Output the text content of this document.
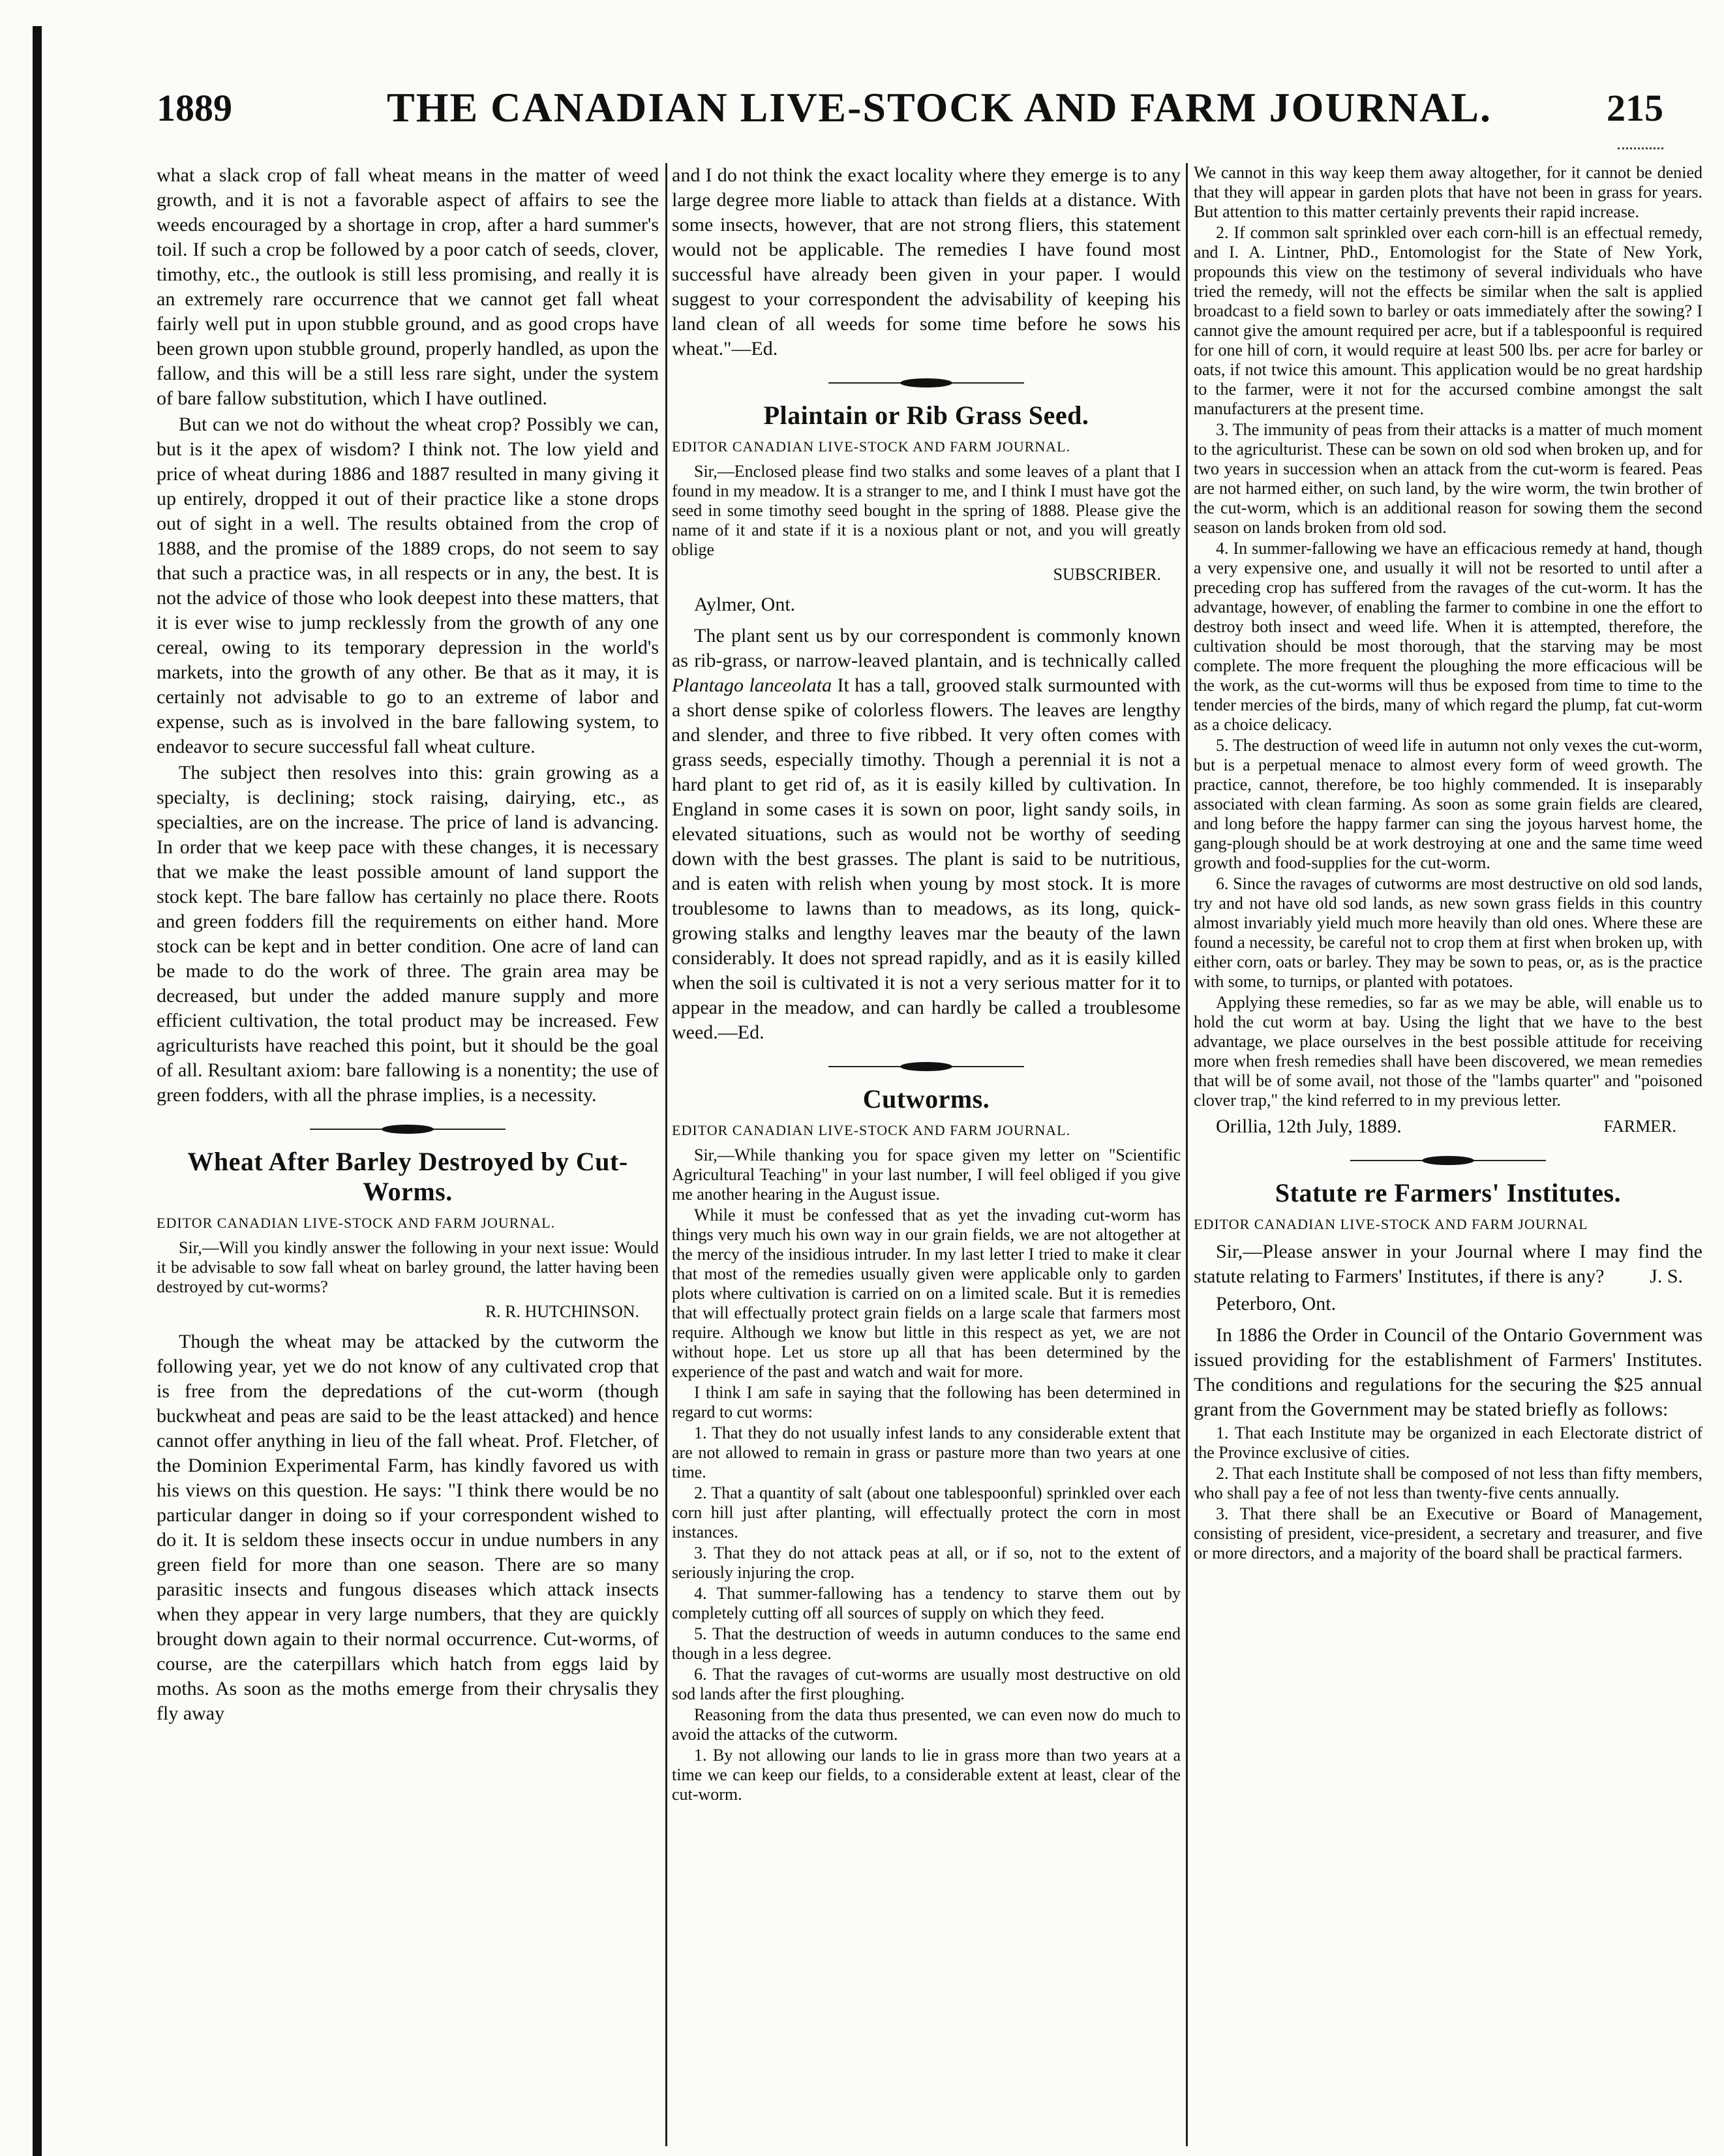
1889	THE CANADIAN LIVE-STOCK AND FARM JOURNAL.	215

what a slack crop of fall wheat means in the matter of weed growth, and it is not a favorable aspect of affairs to see the weeds encouraged by a shortage in crop, after a hard summer's toil. If such a crop be followed by a poor catch of seeds, clover, timothy, etc., the outlook is still less promising, and really it is an extremely rare occurrence that we cannot get fall wheat fairly well put in upon stubble ground, and as good crops have been grown upon stubble ground, properly handled, as upon the fallow, and this will be a still less rare sight, under the system of bare fallow substitution, which I have outlined.

But can we not do without the wheat crop? Possibly we can, but is it the apex of wisdom? I think not. The low yield and price of wheat during 1886 and 1887 resulted in many giving it up entirely, dropped it out of their practice like a stone drops out of sight in a well. The results obtained from the crop of 1888, and the promise of the 1889 crops, do not seem to say that such a practice was, in all respects or in any, the best. It is not the advice of those who look deepest into these matters, that it is ever wise to jump recklessly from the growth of any one cereal, owing to its temporary depression in the world's markets, into the growth of any other. Be that as it may, it is certainly not advisable to go to an extreme of labor and expense, such as is involved in the bare fallowing system, to endeavor to secure successful fall wheat culture.

The subject then resolves into this: grain growing as a specialty, is declining; stock raising, dairying, etc., as specialties, are on the increase. The price of land is advancing. In order that we keep pace with these changes, it is necessary that we make the least possible amount of land support the stock kept. The bare fallow has certainly no place there. Roots and green fodders fill the requirements on either hand. More stock can be kept and in better condition. One acre of land can be made to do the work of three. The grain area may be decreased, but under the added manure supply and more efficient cultivation, the total product may be increased. Few agriculturists have reached this point, but it should be the goal of all. Resultant axiom: bare fallowing is a nonentity; the use of green fodders, with all the phrase implies, is a necessity.

Wheat After Barley Destroyed by Cut-Worms.

EDITOR CANADIAN LIVE-STOCK AND FARM JOURNAL.

Sir,—Will you kindly answer the following in your next issue: Would it be advisable to sow fall wheat on barley ground, the latter having been destroyed by cut-worms?

R. R. HUTCHINSON.

Though the wheat may be attacked by the cutworm the following year, yet we do not know of any cultivated crop that is free from the depredations of the cut-worm (though buckwheat and peas are said to be the least attacked) and hence cannot offer anything in lieu of the fall wheat. Prof. Fletcher, of the Dominion Experimental Farm, has kindly favored us with his views on this question. He says: "I think there would be no particular danger in doing so if your correspondent wished to do it. It is seldom these insects occur in undue numbers in any green field for more than one season. There are so many parasitic insects and fungous diseases which attack insects when they appear in very large numbers, that they are quickly brought down again to their normal occurrence. Cut-worms, of course, are the caterpillars which hatch from eggs laid by moths. As soon as the moths emerge from their chrysalis they fly away

and I do not think the exact locality where they emerge is to any large degree more liable to attack than fields at a distance. With some insects, however, that are not strong fliers, this statement would not be applicable. The remedies I have found most successful have already been given in your paper. I would suggest to your correspondent the advisability of keeping his land clean of all weeds for some time before he sows his wheat."—Ed.

Plaintain or Rib Grass Seed.

EDITOR CANADIAN LIVE-STOCK AND FARM JOURNAL.

Sir,—Enclosed please find two stalks and some leaves of a plant that I found in my meadow. It is a stranger to me, and I think I must have got the seed in some timothy seed bought in the spring of 1888. Please give the name of it and state if it is a noxious plant or not, and you will greatly oblige

SUBSCRIBER.
Aylmer, Ont.

The plant sent us by our correspondent is commonly known as rib-grass, or narrow-leaved plantain, and is technically called Plantago lanceolata It has a tall, grooved stalk surmounted with a short dense spike of colorless flowers. The leaves are lengthy and slender, and three to five ribbed. It very often comes with grass seeds, especially timothy. Though a perennial it is not a hard plant to get rid of, as it is easily killed by cultivation. In England in some cases it is sown on poor, light sandy soils, in elevated situations, such as would not be worthy of seeding down with the best grasses. The plant is said to be nutritious, and is eaten with relish when young by most stock. It is more troublesome to lawns than to meadows, as its long, quick-growing stalks and lengthy leaves mar the beauty of the lawn considerably. It does not spread rapidly, and as it is easily killed when the soil is cultivated it is not a very serious matter for it to appear in the meadow, and can hardly be called a troublesome weed.—Ed.

Cutworms.

EDITOR CANADIAN LIVE-STOCK AND FARM JOURNAL.

Sir,—While thanking you for space given my letter on "Scientific Agricultural Teaching" in your last number, I will feel obliged if you give me another hearing in the August issue.

While it must be confessed that as yet the invading cut-worm has things very much his own way in our grain fields, we are not altogether at the mercy of the insidious intruder. In my last letter I tried to make it clear that most of the remedies usually given were applicable only to garden plots where cultivation is carried on on a limited scale. But it is remedies that will effectually protect grain fields on a large scale that farmers most require. Although we know but little in this respect as yet, we are not without hope. Let us store up all that has been determined by the experience of the past and watch and wait for more.

I think I am safe in saying that the following has been determined in regard to cut worms:

1. That they do not usually infest lands to any considerable extent that are not allowed to remain in grass or pasture more than two years at one time.

2. That a quantity of salt (about one tablespoonful) sprinkled over each corn hill just after planting, will effectually protect the corn in most instances.

3. That they do not attack peas at all, or if so, not to the extent of seriously injuring the crop.

4. That summer-fallowing has a tendency to starve them out by completely cutting off all sources of supply on which they feed.

5. That the destruction of weeds in autumn conduces to the same end though in a less degree.

6. That the ravages of cut-worms are usually most destructive on old sod lands after the first ploughing.

Reasoning from the data thus presented, we can even now do much to avoid the attacks of the cutworm.

1. By not allowing our lands to lie in grass more than two years at a time we can keep our fields, to a considerable extent at least, clear of the cut-worm.

We cannot in this way keep them away altogether, for it cannot be denied that they will appear in garden plots that have not been in grass for years. But attention to this matter certainly prevents their rapid increase.

2. If common salt sprinkled over each corn-hill is an effectual remedy, and I. A. Lintner, PhD., Entomologist for the State of New York, propounds this view on the testimony of several individuals who have tried the remedy, will not the effects be similar when the salt is applied broadcast to a field sown to barley or oats immediately after the sowing? I cannot give the amount required per acre, but if a tablespoonful is required for one hill of corn, it would require at least 500 lbs. per acre for barley or oats, if not twice this amount. This application would be no great hardship to the farmer, were it not for the accursed combine amongst the salt manufacturers at the present time.

3. The immunity of peas from their attacks is a matter of much moment to the agriculturist. These can be sown on old sod when broken up, and for two years in succession when an attack from the cut-worm is feared. Peas are not harmed either, on such land, by the wire worm, the twin brother of the cut-worm, which is an additional reason for sowing them the second season on lands broken from old sod.

4. In summer-fallowing we have an efficacious remedy at hand, though a very expensive one, and usually it will not be resorted to until after a preceding crop has suffered from the ravages of the cut-worm. It has the advantage, however, of enabling the farmer to combine in one the effort to destroy both insect and weed life. When it is attempted, therefore, the cultivation should be most thorough, that the starving may be most complete. The more frequent the ploughing the more efficacious will be the work, as the cut-worms will thus be exposed from time to time to the tender mercies of the birds, many of which regard the plump, fat cut-worm as a choice delicacy.

5. The destruction of weed life in autumn not only vexes the cut-worm, but is a perpetual menace to almost every form of weed growth. The practice, cannot, therefore, be too highly commended. It is inseparably associated with clean farming. As soon as some grain fields are cleared, and long before the happy farmer can sing the joyous harvest home, the gang-plough should be at work destroying at one and the same time weed growth and food-supplies for the cut-worm.

6. Since the ravages of cutworms are most destructive on old sod lands, try and not have old sod lands, as new sown grass fields in this country almost invariably yield much more heavily than old ones. Where these are found a necessity, be careful not to crop them at first when broken up, with either corn, oats or barley. They may be sown to peas, or, as is the practice with some, to turnips, or planted with potatoes.

Applying these remedies, so far as we may be able, will enable us to hold the cut worm at bay. Using the light that we have to the best advantage, we place ourselves in the best possible attitude for receiving more when fresh remedies shall have been discovered, we mean remedies that will be of some avail, not those of the "lambs quarter" and "poisoned clover trap," the kind referred to in my previous letter.

Orillia, 12th July, 1889.	FARMER.
Statute re Farmers' Institutes.

EDITOR CANADIAN LIVE-STOCK AND FARM JOURNAL

Sir,—Please answer in your Journal where I may find the statute relating to Farmers' Institutes, if there is any?	J. S.

Peterboro, Ont.

In 1886 the Order in Council of the Ontario Government was issued providing for the establishment of Farmers' Institutes. The conditions and regulations for the securing the $25 annual grant from the Government may be stated briefly as follows:

1. That each Institute may be organized in each Electorate district of the Province exclusive of cities.

2. That each Institute shall be composed of not less than fifty members, who shall pay a fee of not less than twenty-five cents annually.

3. That there shall be an Executive or Board of Management, consisting of president, vice-president, a secretary and treasurer, and five or more directors, and a majority of the board shall be practical farmers.
